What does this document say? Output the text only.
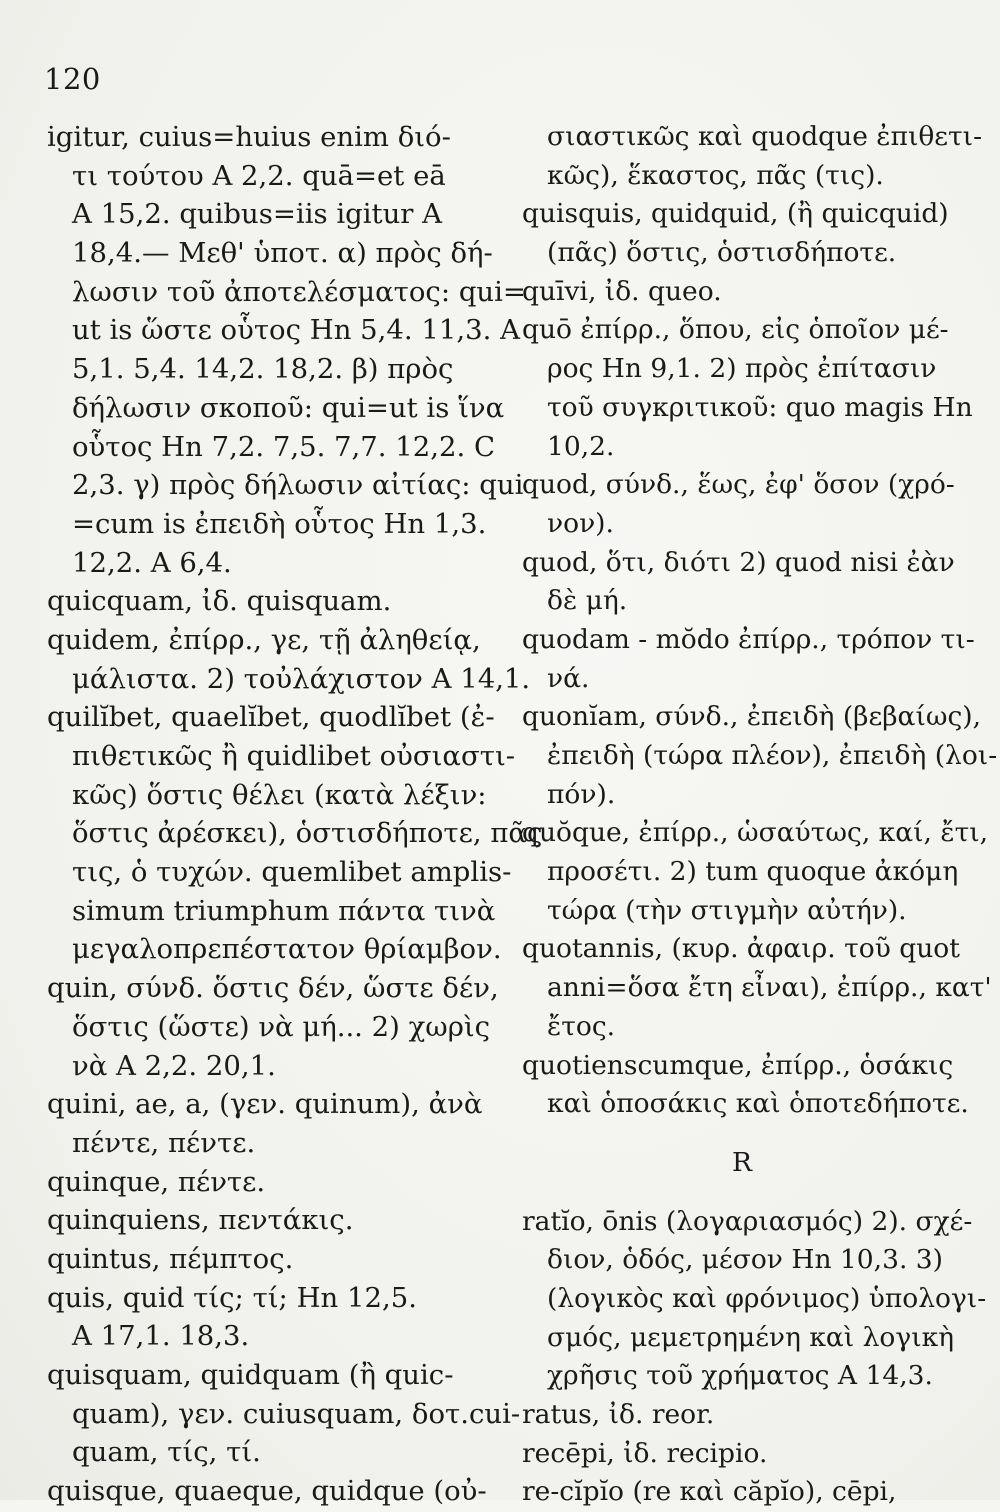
120
igitur, cuius=huius enim διό-
τι τούτου A 2,2. quā=et eā
A 15,2. quibus=iis igitur A
18,4.— Μεθ' ὑποτ. α) πρὸς δή-
λωσιν τοῦ ἀποτελέσματος: qui=
ut is ὥστε οὗτος Hn 5,4. 11,3. A
5,1. 5,4. 14,2. 18,2. β) πρὸς
δήλωσιν σκοποῦ: qui=ut is ἵνα
οὗτος Hn 7,2. 7,5. 7,7. 12,2. C
2,3. γ) πρὸς δήλωσιν αἰτίας: qui
=cum is ἐπειδὴ οὗτος Hn 1,3.
12,2. A 6,4.
quicquam, ἰδ. quisquam.
quidem, ἐπίρρ., γε, τῇ ἀληθείᾳ,
μάλιστα. 2) τοὐλάχιστον A 14,1.
quilĭbet, quaelĭbet, quodlĭbet (ἐ-
πιθετικῶς ἢ quidlibet οὐσιαστι-
κῶς) ὅστις θέλει (κατὰ λέξιν:
ὅστις ἀρέσκει), ὁστισδήποτε, πᾶς
τις, ὁ τυχών. quemlibet amplis-
simum triumphum πάντα τινὰ
μεγαλοπρεπέστατον θρίαμβον.
quin, σύνδ. ὅστις δέν, ὥστε δέν,
ὅστις (ὥστε) νὰ μή... 2) χωρὶς
νὰ A 2,2. 20,1.
quini, ae, a, (γεν. quinum), ἀνὰ
πέντε, πέντε.
quinque, πέντε.
quinquiens, πεντάκις.
quintus, πέμπτος.
quis, quid τίς; τί; Hn 12,5.
A 17,1. 18,3.
quisquam, quidquam (ἢ quic-
quam), γεν. cuiusquam, δοτ.cui-
quam, τίς, τί.
quisque, quaeque, quidque (οὐ-
σιαστικῶς καὶ quodque ἐπιθετι-
κῶς), ἕκαστος, πᾶς (τις).
quisquis, quidquid, (ἢ quicquid)
(πᾶς) ὅστις, ὁστισδήποτε.
quīvi, ἰδ. queo.
quō ἐπίρρ., ὅπου, εἰς ὁποῖον μέ-
ρος Hn 9,1. 2) πρὸς ἐπίτασιν
τοῦ συγκριτικοῦ: quo magis Hn
10,2.
quod, σύνδ., ἕως, ἐφ' ὅσον (χρό-
νον).
quod, ὅτι, διότι 2) quod nisi ἐὰν
δὲ μή.
quodam - mŏdo ἐπίρρ., τρόπον τι-
νά.
quonĭam, σύνδ., ἐπειδὴ (βεβαίως),
ἐπειδὴ (τώρα πλέον), ἐπειδὴ (λοι-
πόν).
quŏque, ἐπίρρ., ὡσαύτως, καί, ἔτι,
προσέτι. 2) tum quoque ἀκόμη
τώρα (τὴν στιγμὴν αὐτήν).
quotannis, (κυρ. ἀφαιρ. τοῦ quot
anni=ὅσα ἔτη εἶναι), ἐπίρρ., κατ'
ἔτος.
quotienscumque, ἐπίρρ., ὁσάκις
καὶ ὁποσάκις καὶ ὁποτεδήποτε.
R
ratĭo, ōnis (λογαριασμός) 2). σχέ-
διον, ὁδός, μέσον Hn 10,3. 3)
(λογικὸς καὶ φρόνιμος) ὑπολογι-
σμός, μεμετρημένη καὶ λογικὴ
χρῆσις τοῦ χρήματος A 14,3.
ratus, ἰδ. reor.
recēpi, ἰδ. recipio.
re-cĭpĭo (re καὶ căpĭo), cēpi,
